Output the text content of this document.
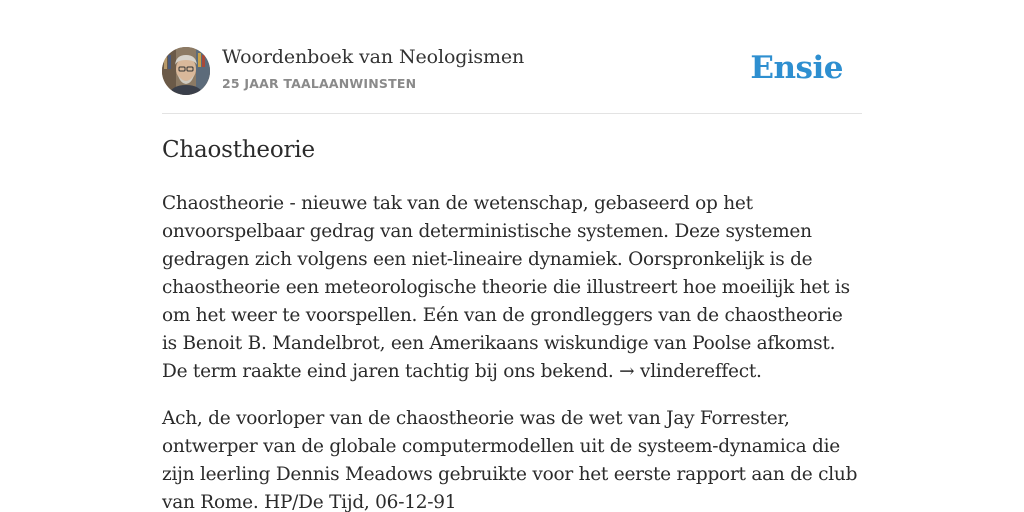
Woordenboek van Neologismen
25 JAAR TAALAANWINSTEN	Ensie
Chaostheorie

Chaostheorie - nieuwe tak van de wetenschap, gebaseerd op het onvoorspelbaar gedrag van deterministische systemen. Deze systemen gedragen zich volgens een niet-lineaire dynamiek. Oorspronkelijk is de chaostheorie een meteorologische theorie die illustreert hoe moeilijk het is om het weer te voorspellen. Eén van de grondleggers van de chaostheorie is Benoit B. Mandelbrot, een Amerikaans wiskundige van Poolse afkomst. De term raakte eind jaren tachtig bij ons bekend. → vlindereffect.

Ach, de voorloper van de chaostheorie was de wet van Jay Forrester, ontwerper van de globale computermodellen uit de systeem-dynamica die zijn leerling Dennis Meadows gebruikte voor het eerste rapport aan de club van Rome. HP/De Tijd, 06-12-91
